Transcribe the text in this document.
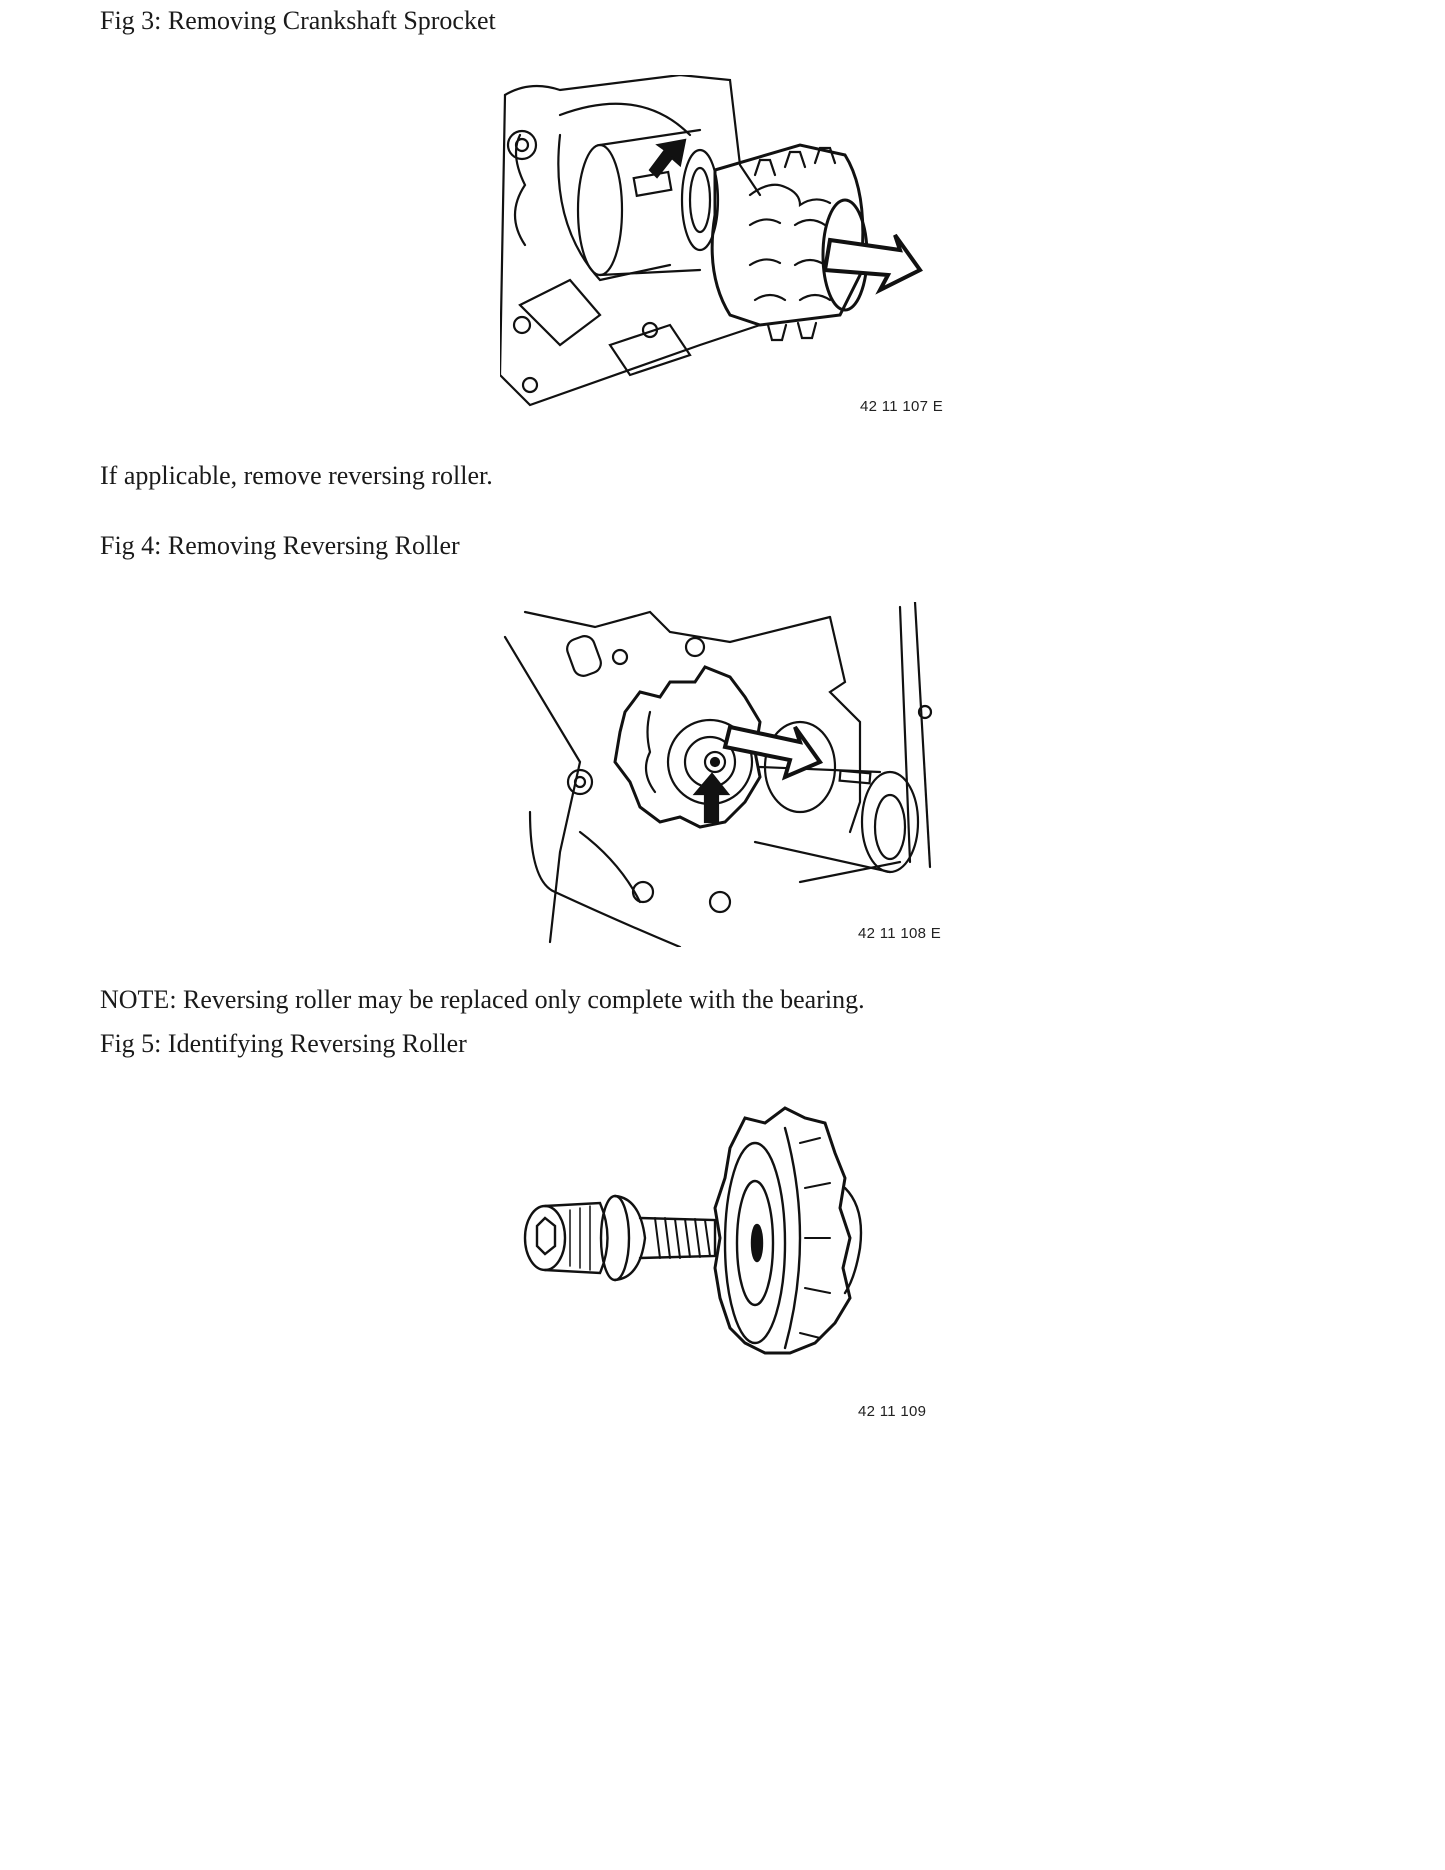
Fig 3: Removing Crankshaft Sprocket
42 11 107 E
If applicable, remove reversing roller.
Fig 4: Removing Reversing Roller
42 11 108 E
NOTE: Reversing roller may be replaced only complete with the bearing.
Fig 5: Identifying Reversing Roller
42 11 109
